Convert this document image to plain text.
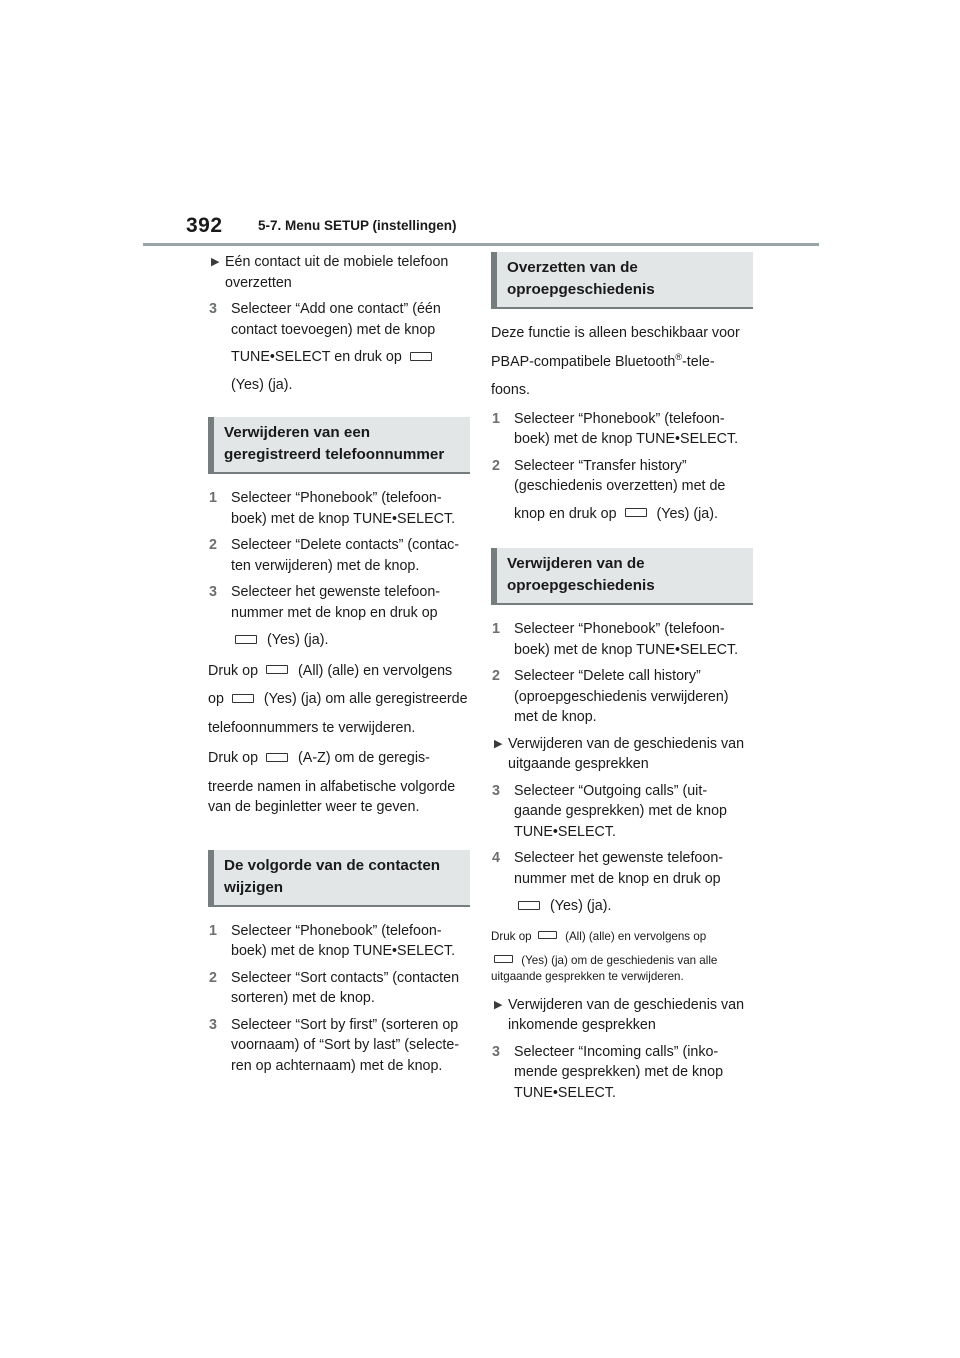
392	5-7. Menu SETUP (instellingen)
▶ Eén contact uit de mobiele telefoon
overzetten
3 Selecteer “Add one contact” (één contact toevoegen) met de knop
TUNE•SELECT en druk op
(Yes) (ja).
Verwijderen van een geregistreerd telefoonnummer
1 Selecteer “Phonebook” (telefoon-boek) met de knop TUNE•SELECT.
2 Selecteer “Delete contacts” (contac-ten verwijderen) met de knop.
3 Selecteer het gewenste telefoon-nummer met de knop en druk op
(Yes) (ja).
Druk op	(All) (alle) en vervolgens
op	(Yes) (ja) om alle geregistreerde
telefoonnummers te verwijderen.
Druk op	(A-Z) om de geregis-
treerde namen in alfabetische volgorde van de beginletter weer te geven.
De volgorde van de contacten wijzigen
1 Selecteer “Phonebook” (telefoon-boek) met de knop TUNE•SELECT.
2 Selecteer “Sort contacts” (contacten sorteren) met de knop.
3 Selecteer “Sort by first” (sorteren op voornaam) of “Sort by last” (selecte-ren op achternaam) met de knop.
Overzetten van de oproepgeschiedenis
Deze functie is alleen beschikbaar voor
PBAP-compatibele Bluetooth®-tele-
foons.
1 Selecteer “Phonebook” (telefoon-boek) met de knop TUNE•SELECT.
2 Selecteer “Transfer history” (geschiedenis overzetten) met de
knop en druk op	(Yes) (ja).
Verwijderen van de oproepgeschiedenis
1 Selecteer “Phonebook” (telefoon-boek) met de knop TUNE•SELECT.
2 Selecteer “Delete call history” (oproepgeschiedenis verwijderen) met de knop.
▶ Verwijderen van de geschiedenis van uitgaande gesprekken
3 Selecteer “Outgoing calls” (uit-gaande gesprekken) met de knop TUNE•SELECT.
4 Selecteer het gewenste telefoon-nummer met de knop en druk op
(Yes) (ja).
Druk op	(All) (alle) en vervolgens op
(Yes) (ja) om de geschiedenis van alle uitgaande gesprekken te verwijderen.
▶ Verwijderen van de geschiedenis van inkomende gesprekken
3 Selecteer “Incoming calls” (inko-mende gesprekken) met de knop TUNE•SELECT.
